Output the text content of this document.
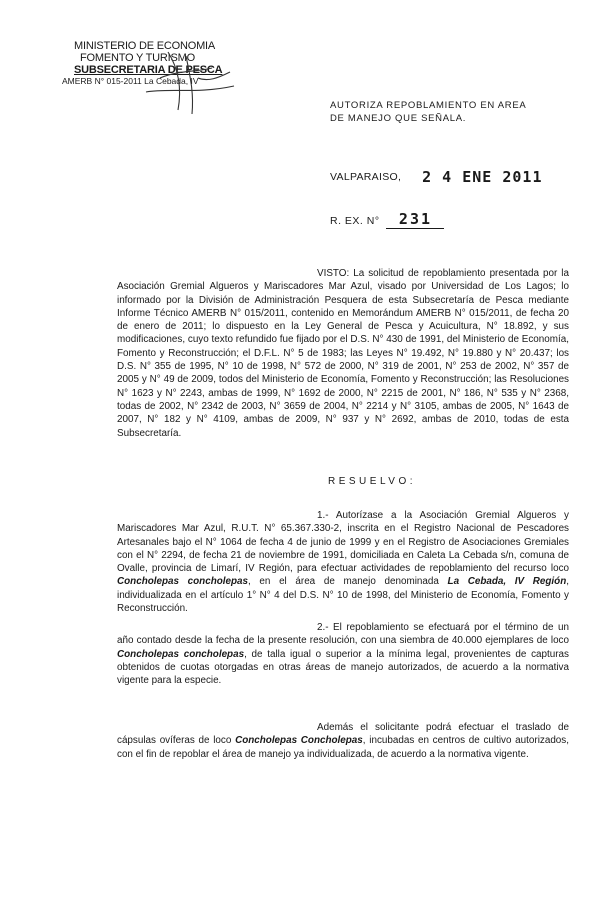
MINISTERIO DE ECONOMIA
FOMENTO Y TURISMO
SUBSECRETARIA DE PESCA
AMERB N° 015-2011 La Cebada, IV
AUTORIZA REPOBLAMIENTO EN AREA
DE MANEJO QUE SEÑALA.
VALPARAISO, 2 4 ENE 2011
R. EX. N° 231

VISTO: La solicitud de repoblamiento presentada por la Asociación Gremial Algueros y Mariscadores Mar Azul, visado por Universidad de Los Lagos; lo informado por la División de Administración Pesquera de esta Subsecretaría de Pesca mediante Informe Técnico AMERB N° 015/2011, contenido en Memorándum AMERB N° 015/2011, de fecha 20 de enero de 2011; lo dispuesto en la Ley General de Pesca y Acuicultura, N° 18.892, y sus modificaciones, cuyo texto refundido fue fijado por el D.S. N° 430 de 1991, del Ministerio de Economía, Fomento y Reconstrucción; el D.F.L. N° 5 de 1983; las Leyes N° 19.492, N° 19.880 y N° 20.437; los D.S. N° 355 de 1995, N° 10 de 1998, N° 572 de 2000, N° 319 de 2001, N° 253 de 2002, N° 357 de 2005 y N° 49 de 2009, todos del Ministerio de Economía, Fomento y Reconstrucción; las Resoluciones N° 1623 y N° 2243, ambas de 1999, N° 1692 de 2000, N° 2215 de 2001, N° 186, N° 535 y N° 2368, todas de 2002, N° 2342 de 2003, N° 3659 de 2004, N° 2214 y N° 3105, ambas de 2005, N° 1643 de 2007, N° 182 y N° 4109, ambas de 2009, N° 937 y N° 2692, ambas de 2010, todas de esta Subsecretaría.

RESUELVO:

1.- Autorízase a la Asociación Gremial Algueros y Mariscadores Mar Azul, R.U.T. N° 65.367.330-2, inscrita en el Registro Nacional de Pescadores Artesanales bajo el N° 1064 de fecha 4 de junio de 1999 y en el Registro de Asociaciones Gremiales con el N° 2294, de fecha 21 de noviembre de 1991, domiciliada en Caleta La Cebada s/n, comuna de Ovalle, provincia de Limarí, IV Región, para efectuar actividades de repoblamiento del recurso loco Concholepas concholepas, en el área de manejo denominada La Cebada, IV Región, individualizada en el artículo 1° N° 4 del D.S. N° 10 de 1998, del Ministerio de Economía, Fomento y Reconstrucción.

2.- El repoblamiento se efectuará por el término de un año contado desde la fecha de la presente resolución, con una siembra de 40.000 ejemplares de loco Concholepas concholepas, de talla igual o superior a la mínima legal, provenientes de capturas obtenidos de cuotas otorgadas en otras áreas de manejo autorizados, de acuerdo a la normativa vigente para la especie.

Además el solicitante podrá efectuar el traslado de cápsulas ovíferas de loco Concholepas Concholepas, incubadas en centros de cultivo autorizados, con el fin de repoblar el área de manejo ya individualizada, de acuerdo a la normativa vigente.
